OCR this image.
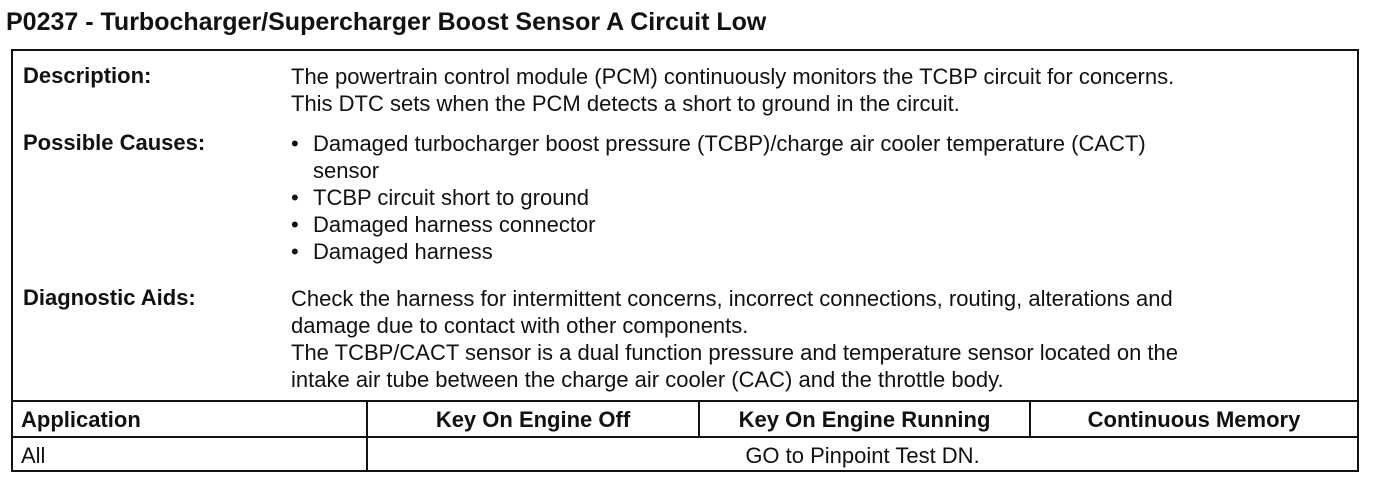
P0237 - Turbocharger/Supercharger Boost Sensor A Circuit Low
Description:	The powertrain control module (PCM) continuously monitors the TCBP circuit for concerns.
This DTC sets when the PCM detects a short to ground in the circuit.
Possible Causes:	• Damaged turbocharger boost pressure (TCBP)/charge air cooler temperature (CACT)
sensor
• TCBP circuit short to ground
• Damaged harness connector
• Damaged harness
Diagnostic Aids:	Check the harness for intermittent concerns, incorrect connections, routing, alterations and
damage due to contact with other components.
The TCBP/CACT sensor is a dual function pressure and temperature sensor located on the
intake air tube between the charge air cooler (CAC) and the throttle body.
Application	Key On Engine Off	Key On Engine Running	Continuous Memory
All	GO to Pinpoint Test DN.
